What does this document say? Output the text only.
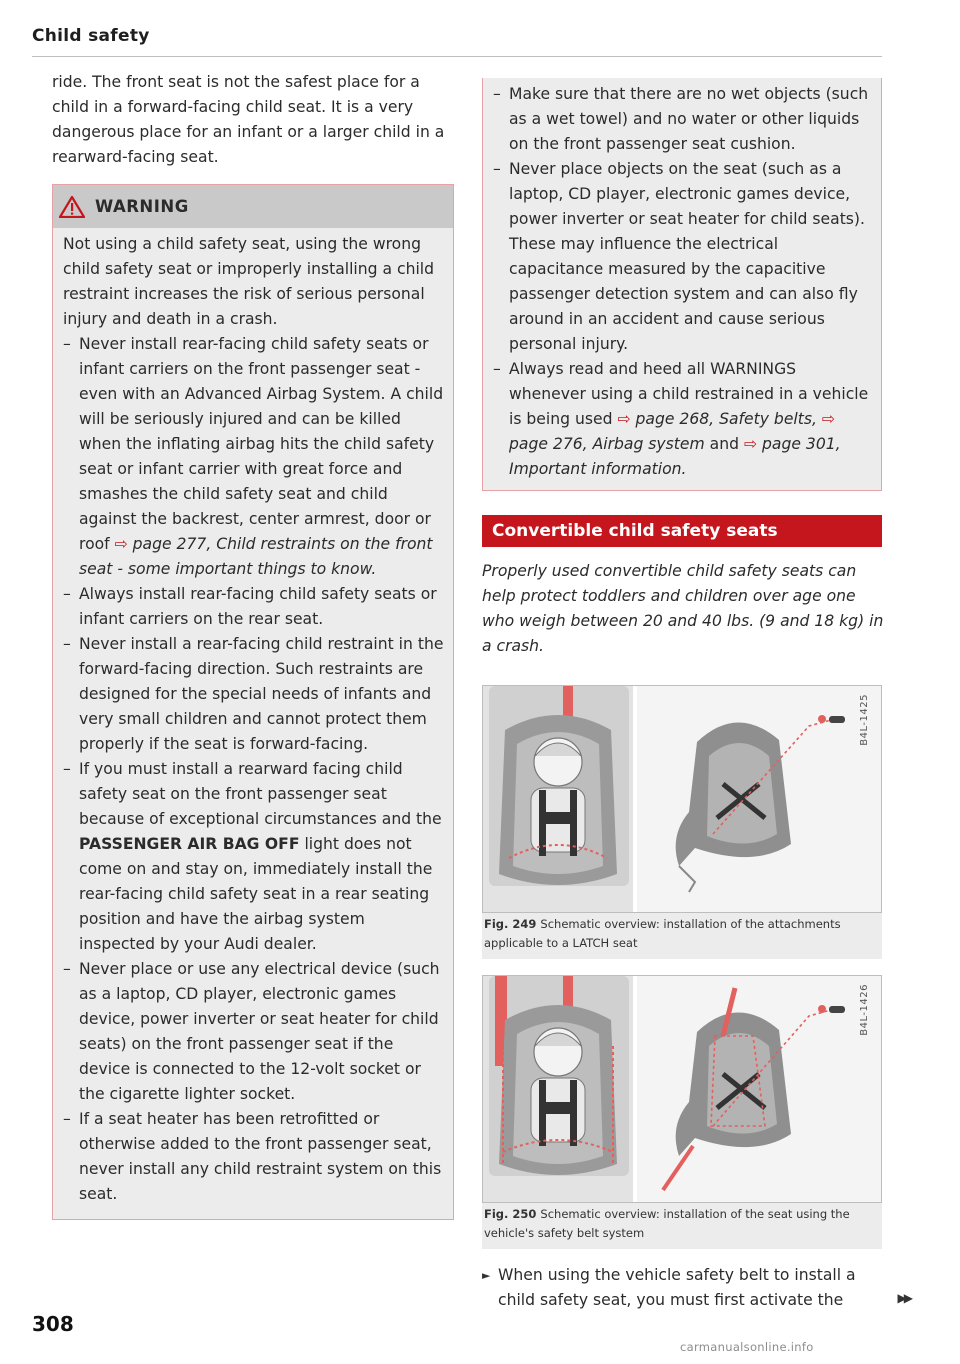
Child safety

ride. The front seat is not the safest place for a child in a forward-facing child seat. It is a very dangerous place for an infant or a larger child in a rearward-facing seat.

WARNING

Not using a child safety seat, using the wrong child safety seat or improperly installing a child restraint increases the risk of serious personal injury and death in a crash.

– Never install rear-facing child safety seats or infant carriers on the front passenger seat - even with an Advanced Airbag System. A child will be seriously injured and can be killed when the inflating airbag hits the child safety seat or infant carrier with great force and smashes the child safety seat and child against the backrest, center armrest, door or roof ⇨ page 277, Child restraints on the front seat - some important things to know.
– Always install rear-facing child safety seats or infant carriers on the rear seat.
– Never install a rear-facing child restraint in the forward-facing direction. Such restraints are designed for the special needs of infants and very small children and cannot protect them properly if the seat is forward-facing.
– If you must install a rearward facing child safety seat on the front passenger seat because of exceptional circumstances and the PASSENGER AIR BAG OFF light does not come on and stay on, immediately install the rear-facing child safety seat in a rear seating position and have the airbag system inspected by your Audi dealer.
– Never place or use any electrical device (such as a laptop, CD player, electronic games device, power inverter or seat heater for child seats) on the front passenger seat if the device is connected to the 12-volt socket or the cigarette lighter socket.
– If a seat heater has been retrofitted or otherwise added to the front passenger seat, never install any child restraint system on this seat.
– Make sure that there are no wet objects (such as a wet towel) and no water or other liquids on the front passenger seat cushion.
– Never place objects on the seat (such as a laptop, CD player, electronic games device, power inverter or seat heater for child seats). These may influence the electrical capacitance measured by the capacitive passenger detection system and can also fly around in an accident and cause serious personal injury.
– Always read and heed all WARNINGS whenever using a child restrained in a vehicle is being used ⇨ page 268, Safety belts, ⇨ page 276, Airbag system and ⇨ page 301, Important information.
Convertible child safety seats

Properly used convertible child safety seats can help protect toddlers and children over age one who weigh between 20 and 40 lbs. (9 and 18 kg) in a crash.

B4L-1425
Fig. 249 Schematic overview: installation of the attachments applicable to a LATCH seat
B4L-1426
Fig. 250 Schematic overview: installation of the seat using the vehicle's safety belt system
► When using the vehicle safety belt to install a child safety seat, you must first activate the	▶▶
308
carmanualsonline.info
